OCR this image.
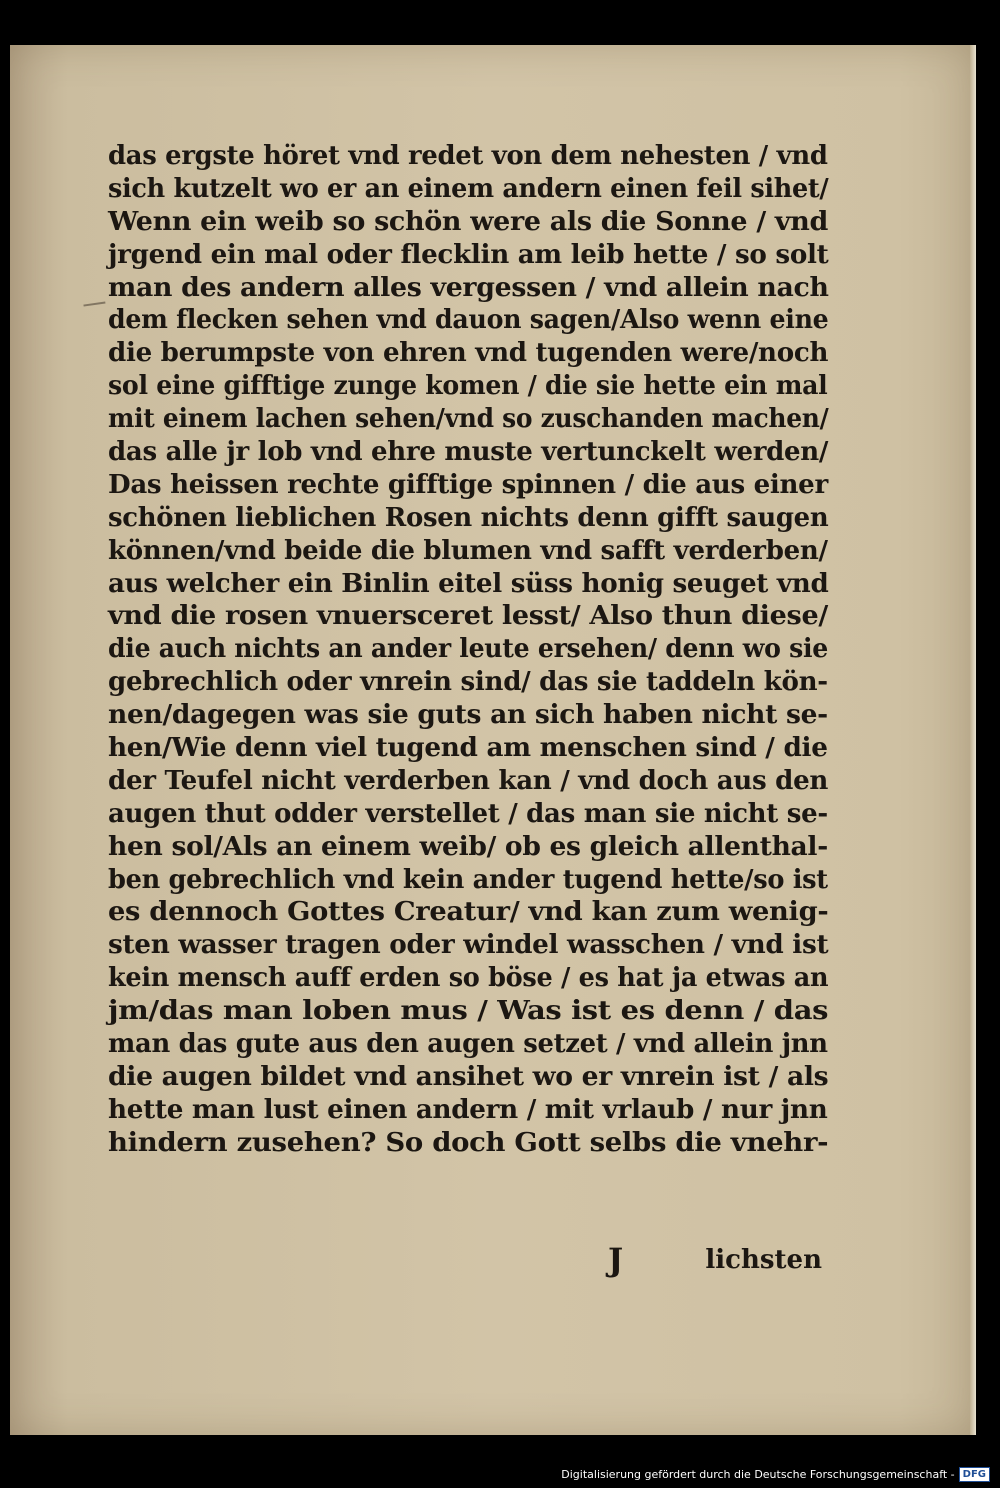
das ergste höret vnd redet von dem nehesten / vnd
sich kutzelt wo er an einem andern einen feil sihet/
Wenn ein weib so schön were als die Sonne / vnd
jrgend ein mal oder flecklin am leib hette / so solt
man des andern alles vergessen / vnd allein nach
dem flecken sehen vnd dauon sagen/Also wenn eine
die berumpste von ehren vnd tugenden were/noch
sol eine gifftige zunge komen / die sie hette ein mal
mit einem lachen sehen/vnd so zuschanden machen/
das alle jr lob vnd ehre muste vertunckelt werden/
Das heissen rechte gifftige spinnen / die aus einer
schönen lieblichen Rosen nichts denn gifft saugen
können/vnd beide die blumen vnd safft verderben/
aus welcher ein Binlin eitel süss honig seuget vnd
vnd die rosen vnuersceret lesst/ Also thun diese/
die auch nichts an ander leute ersehen/ denn wo sie
gebrechlich oder vnrein sind/ das sie taddeln kön-
nen/dagegen was sie guts an sich haben nicht se-
hen/Wie denn viel tugend am menschen sind / die
der Teufel nicht verderben kan / vnd doch aus den
augen thut odder verstellet / das man sie nicht se-
hen sol/Als an einem weib/ ob es gleich allenthal-
ben gebrechlich vnd kein ander tugend hette/so ist
es dennoch Gottes Creatur/ vnd kan zum wenig-
sten wasser tragen oder windel wasschen / vnd ist
kein mensch auff erden so böse / es hat ja etwas an
jm/das man loben mus / Was ist es denn / das
man das gute aus den augen setzet / vnd allein jnn
die augen bildet vnd ansihet wo er vnrein ist / als
hette man lust einen andern / mit vrlaub / nur jnn
hindern zusehen? So doch Gott selbs die vnehr-
J	lichsten
Digitalisierung gefördert durch die Deutsche Forschungsgemeinschaft - DFG
